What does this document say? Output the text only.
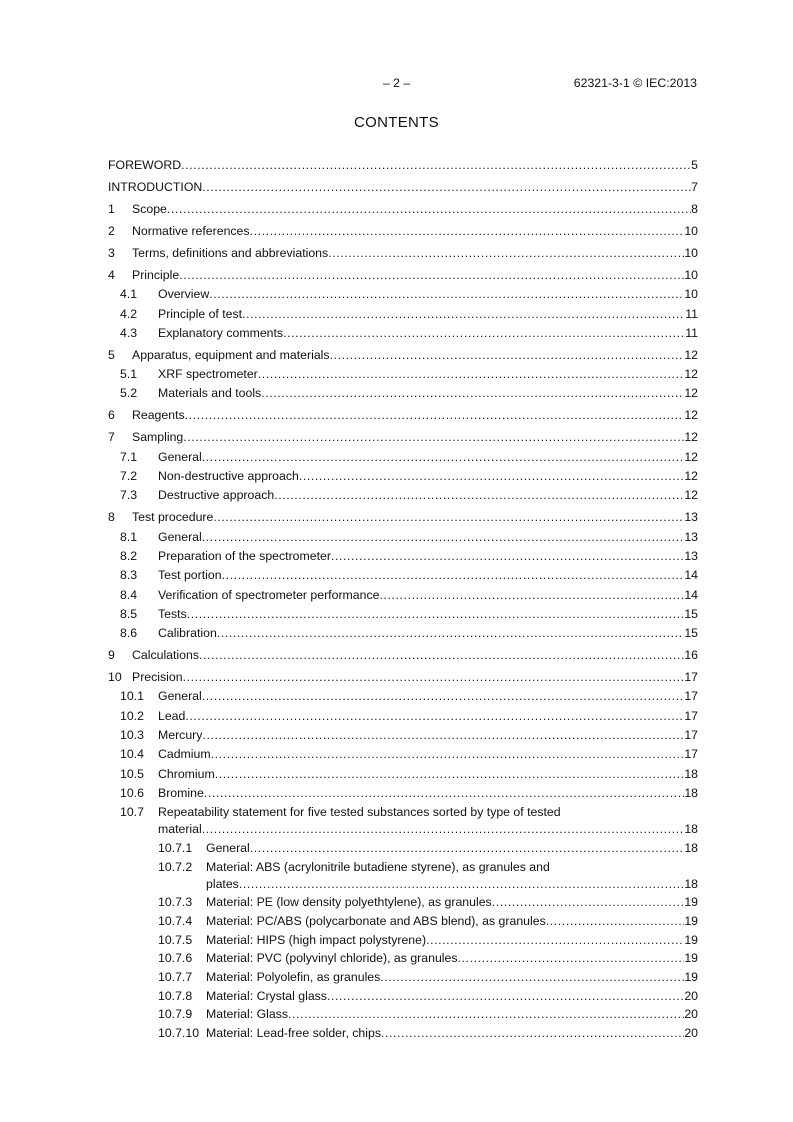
– 2 –	62321-3-1 © IEC:2013
CONTENTS
FOREWORD .....	5
INTRODUCTION .....	7
1 Scope .....	8
2 Normative references .....	10
3 Terms, definitions and abbreviations .....	10
4 Principle .....	10
4.1 Overview .....	10
4.2 Principle of test .....	11
4.3 Explanatory comments .....	11
5 Apparatus, equipment and materials .....	12
5.1 XRF spectrometer .....	12
5.2 Materials and tools .....	12
6 Reagents .....	12
7 Sampling .....	12
7.1 General .....	12
7.2 Non-destructive approach .....	12
7.3 Destructive approach .....	12
8 Test procedure .....	13
8.1 General .....	13
8.2 Preparation of the spectrometer .....	13
8.3 Test portion .....	14
8.4 Verification of spectrometer performance .....	14
8.5 Tests .....	15
8.6 Calibration .....	15
9 Calculations .....	16
10 Precision .....	17
10.1 General .....	17
10.2 Lead .....	17
10.3 Mercury .....	17
10.4 Cadmium .....	17
10.5 Chromium .....	18
10.6 Bromine .....	18
10.7 Repeatability statement for five tested substances sorted by type of tested
material .....	18
10.7.1 General .....	18
10.7.2 Material: ABS (acrylonitrile butadiene styrene), as granules and
plates .....	18
10.7.3 Material: PE (low density polyethtylene), as granules .....	19
10.7.4 Material: PC/ABS (polycarbonate and ABS blend), as granules .....	19
10.7.5 Material: HIPS (high impact polystyrene) .....	19
10.7.6 Material: PVC (polyvinyl chloride), as granules .....	19
10.7.7 Material: Polyolefin, as granules .....	19
10.7.8 Material: Crystal glass .....	20
10.7.9 Material: Glass .....	20
10.7.10 Material: Lead-free solder, chips .....	20
